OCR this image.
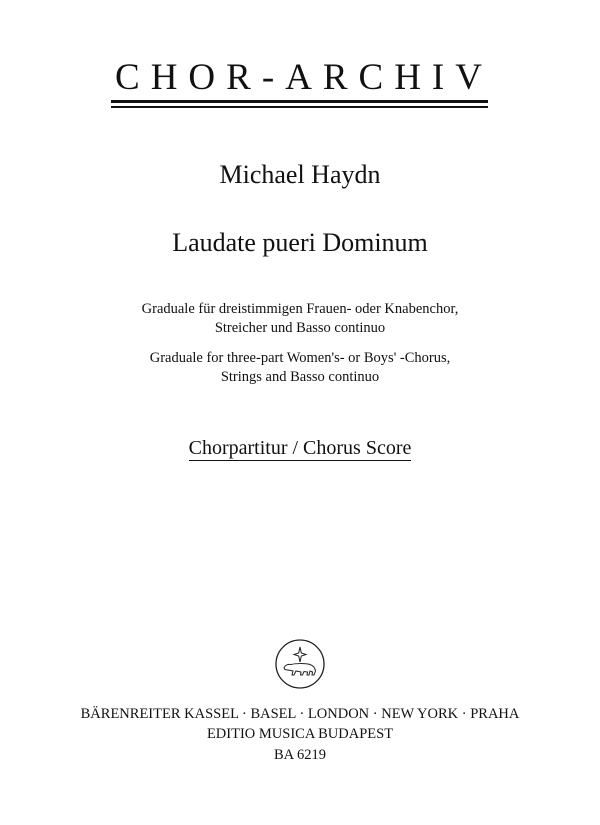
CHOR-ARCHIV
Michael Haydn
Laudate pueri Dominum
Graduale für dreistimmigen Frauen- oder Knabenchor,
Streicher und Basso continuo
Graduale for three-part Women's- or Boys' -Chorus,
Strings and Basso continuo
Chorpartitur / Chorus Score
BÄRENREITER KASSEL · BASEL · LONDON · NEW YORK · PRAHA
EDITIO MUSICA BUDAPEST
BA 6219
